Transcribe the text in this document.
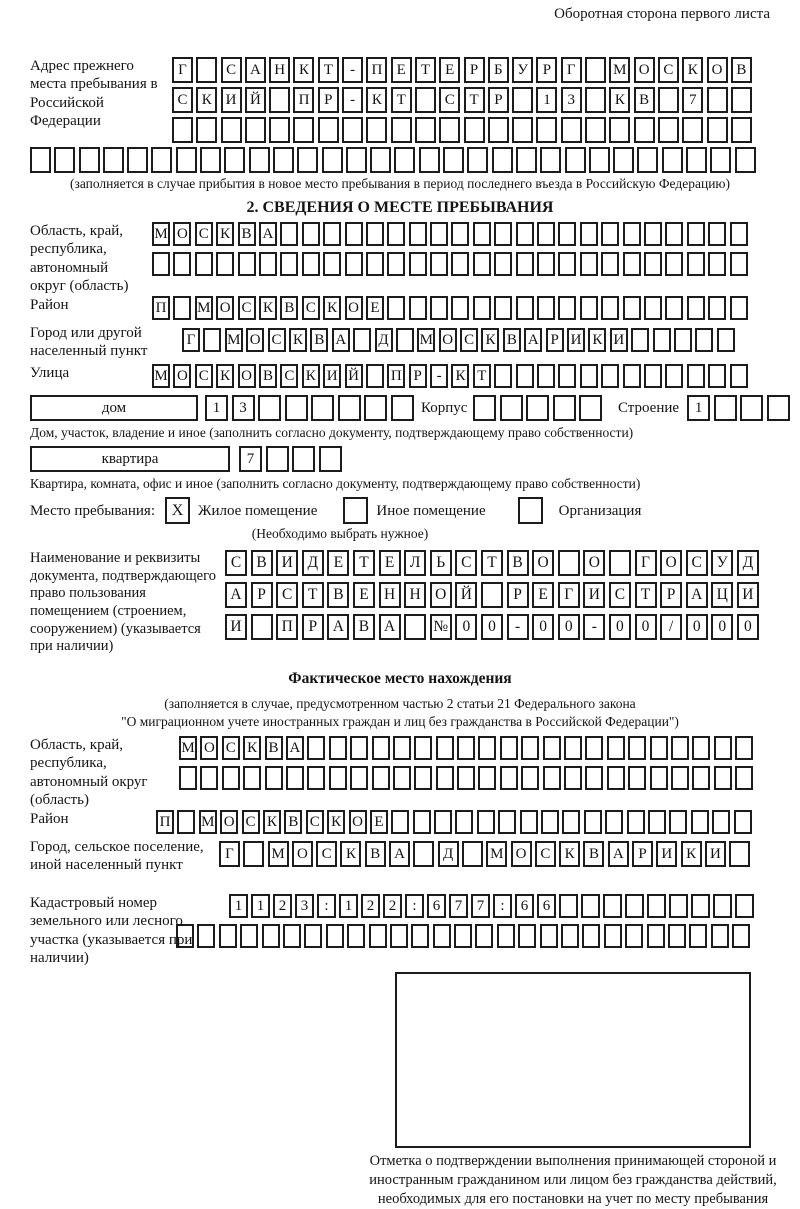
Оборотная сторона первого листа
Адрес прежнего места пребывания в Российской Федерации
Г	С А Н К Т	-	П Е	Т	Е	Р	Б У Р	Г	М О С К О В
С К И Й	П Р	-	К Т	С Т	Р	1	3	К В	7
(заполняется в случае прибытия в новое место пребывания в период последнего въезда в Российскую Федерацию)
2. СВЕДЕНИЯ О МЕСТЕ ПРЕБЫВАНИЯ
Область, край, республика, автономный округ (область)
М О С К В А
Район	П М О С К В С К О Е
Город или другой населенный пункт
Г	М О С К В А Д М О С К В А Р И К И
Улица	М О С К О В С К И Й П Р - К Т
дом	1	3	Корпус	Строение	1
Дом, участок, владение и иное (заполнить согласно документу, подтверждающему право собственности)
квартира	7
Квартира, комната, офис и иное (заполнить согласно документу, подтверждающему право собственности)
Место пребывания:	X Жилое помещение	Иное помещение	Организация
(Необходимо выбрать нужное)
Наименование и реквизиты документа, подтверждающего право пользования помещением (строением, сооружением) (указывается при наличии)
С В И Д	Е	Т	Е	Л	Ь	С	Т	В О	О	Г	О С У Д
А	Р	С	Т	В	Е Н Н О Й	Р	Е	Г	И С	Т	Р	А Ц И
И	П	Р	А В А	№ 0	0	-	0	0	-	0	0	/	0	0	0
Фактическое место нахождения
(заполняется в случае, предусмотренном частью 2 статьи 21 Федерального закона
"О миграционном учете иностранных граждан и лиц без гражданства в Российской Федерации")
Область, край, республика, автономный округ (область)
М О С К В А
Район	П М О С К В С К О Е
Город, сельское поселение, иной населенный пункт
Г	М О С К В А	Д	М О С К В А Р И К И
Кадастровый номер земельного или лесного участка (указывается при наличии)
1 1 2 3	:	1 2 2	:	6 7 7	:	6 6
Отметка о подтверждении выполнения принимающей стороной и иностранным гражданином или лицом без гражданства действий, необходимых для его постановки на учет по месту пребывания
